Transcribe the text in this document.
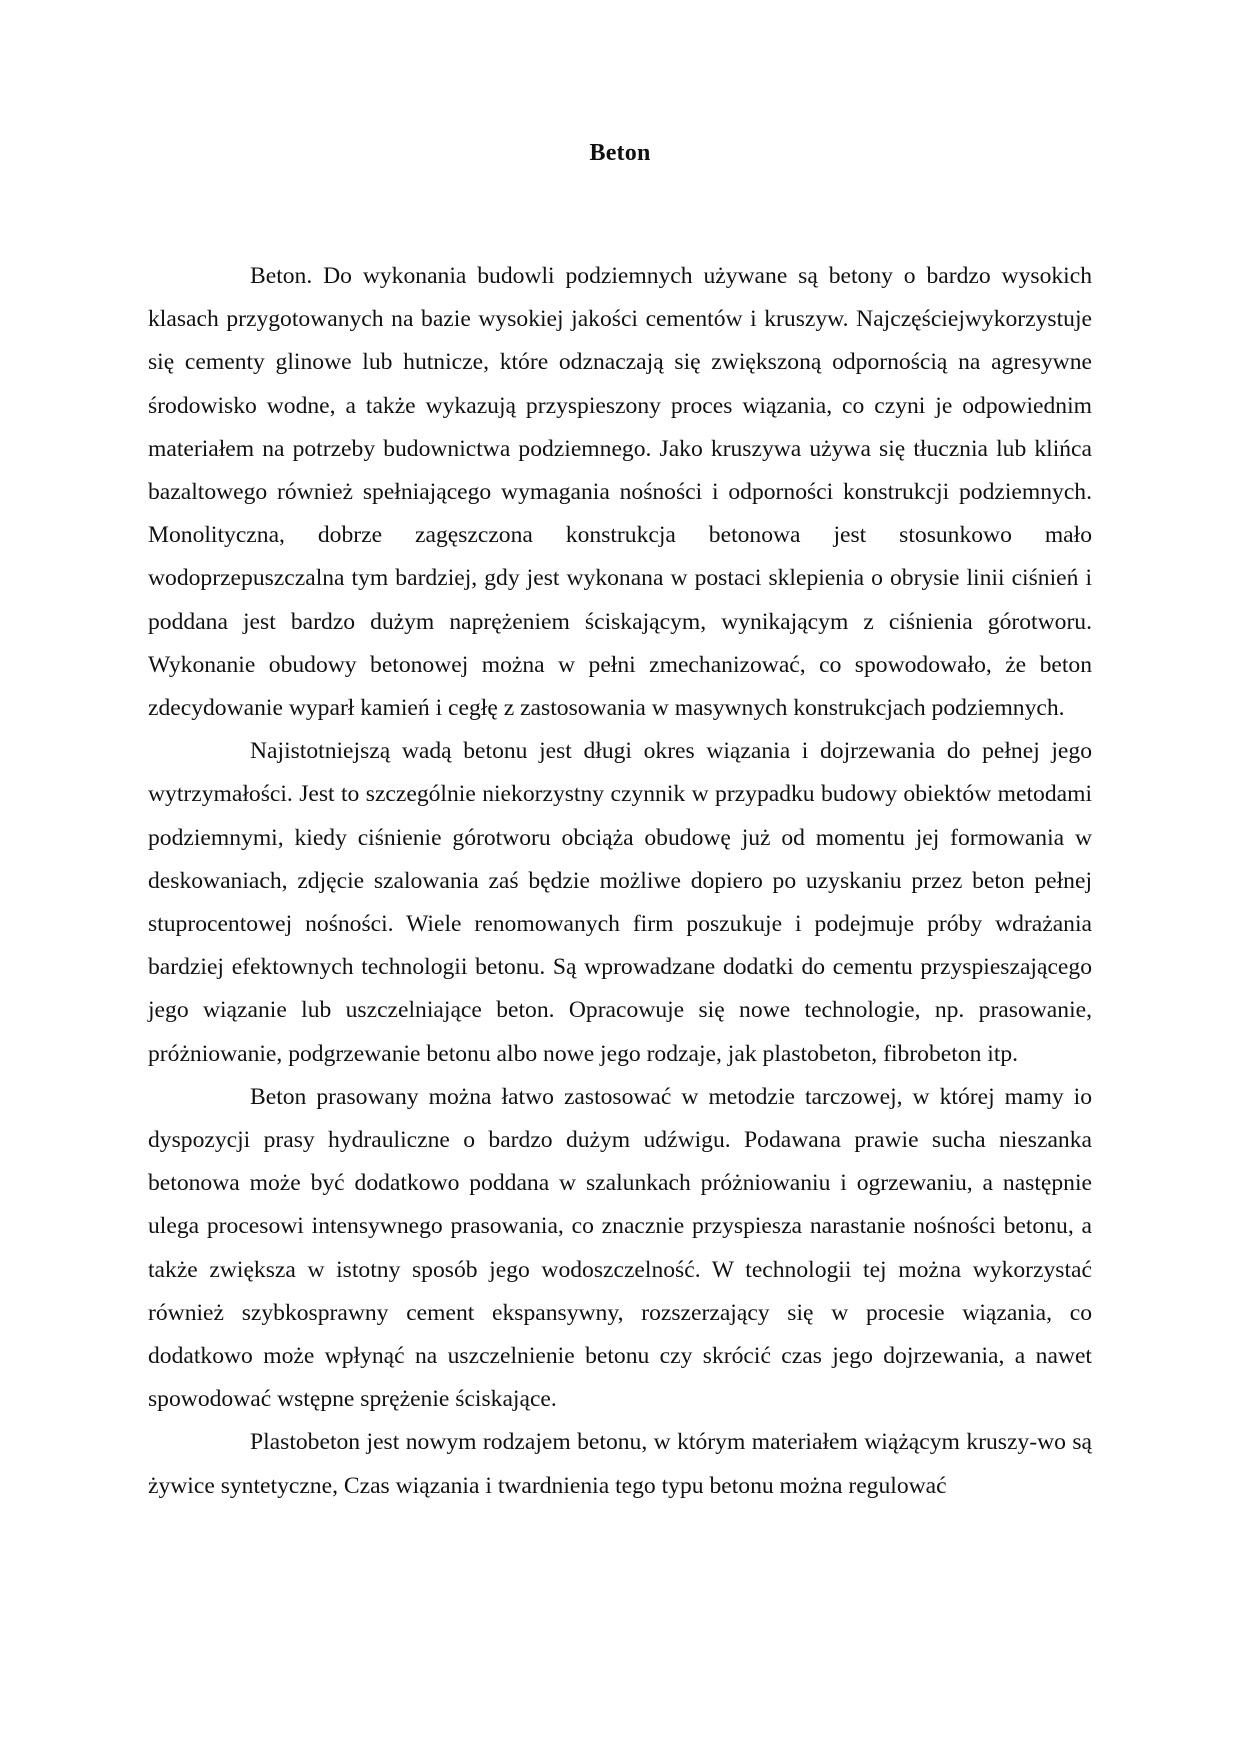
Beton

Beton. Do wykonania budowli podziemnych używane są betony o bardzo wysokich klasach przygotowanych na bazie wysokiej jakości cementów i kruszyw. Najczęściejwykorzystuje się cementy glinowe lub hutnicze, które odznaczają się zwiększoną odpornością na agresywne środowisko wodne, a także wykazują przyspieszony proces wiązania, co czyni je odpowiednim materiałem na potrzeby budownictwa podziemnego. Jako kruszywa używa się tłucznia lub klińca bazaltowego również spełniającego wymagania nośności i odporności konstrukcji podziemnych. Monolityczna, dobrze zagęszczona konstrukcja betonowa jest stosunkowo mało wodoprzepuszczalna tym bardziej, gdy jest wykonana w postaci sklepienia o obrysie linii ciśnień i poddana jest bardzo dużym naprężeniem ściskającym, wynikającym z ciśnienia górotworu. Wykonanie obudowy betonowej można w pełni zmechanizować, co spowodowało, że beton zdecydowanie wyparł kamień i cegłę z zastosowania w masywnych konstrukcjach podziemnych.

Najistotniejszą wadą betonu jest długi okres wiązania i dojrzewania do pełnej jego wytrzymałości. Jest to szczególnie niekorzystny czynnik w przypadku budowy obiektów metodami podziemnymi, kiedy ciśnienie górotworu obciąża obudowę już od momentu jej formowania w deskowaniach, zdjęcie szalowania zaś będzie możliwe dopiero po uzyskaniu przez beton pełnej stuprocentowej nośności. Wiele renomowanych firm poszukuje i podejmuje próby wdrażania bardziej efektownych technologii betonu. Są wprowadzane dodatki do cementu przyspieszającego jego wiązanie lub uszczelniające beton. Opracowuje się nowe technologie, np. prasowanie, próżniowanie, podgrzewanie betonu albo nowe jego rodzaje, jak plastobeton, fibrobeton itp.

Beton prasowany można łatwo zastosować w metodzie tarczowej, w której mamy io dyspozycji prasy hydrauliczne o bardzo dużym udźwigu. Podawana prawie sucha nieszanka betonowa może być dodatkowo poddana w szalunkach próżniowaniu i ogrzewaniu, a następnie ulega procesowi intensywnego prasowania, co znacznie przyspiesza narastanie nośności betonu, a także zwiększa w istotny sposób jego wodoszczelność. W technologii tej można wykorzystać również szybkosprawny cement ekspansywny, rozszerzający się w procesie wiązania, co dodatkowo może wpłynąć na uszczelnienie betonu czy skrócić czas jego dojrzewania, a nawet spowodować wstępne sprężenie ściskające.

Plastobeton jest nowym rodzajem betonu, w którym materiałem wiążącym kruszy-wo są żywice syntetyczne, Czas wiązania i twardnienia tego typu betonu można regulować
